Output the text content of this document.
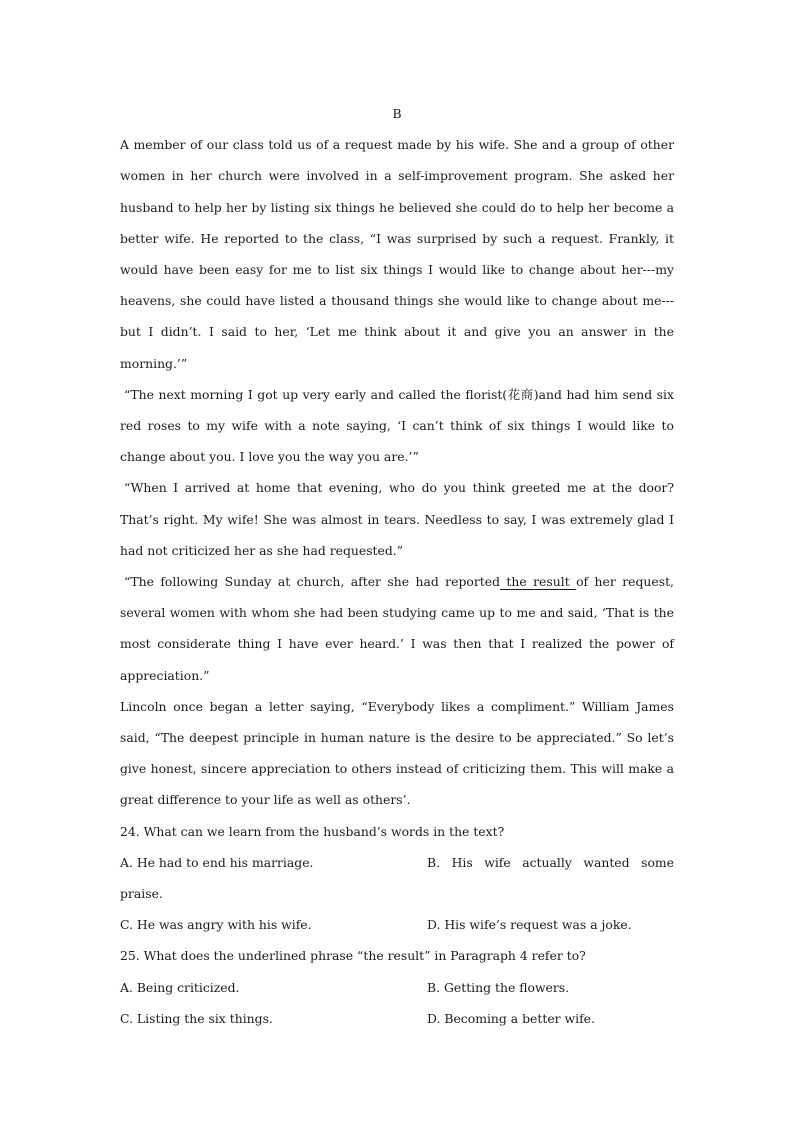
B

A member of our class told us of a request made by his wife. She and a group of other women in her church were involved in a self-improvement program. She asked her husband to help her by listing six things he believed she could do to help her become a better wife. He reported to the class, “I was surprised by such a request. Frankly, it would have been easy for me to list six things I would like to change about her---my heavens, she could have listed a thousand things she would like to change about me---but I didn’t. I said to her, ‘Let me think about it and give you an answer in the morning.’”

“The next morning I got up very early and called the florist(花商)and had him send six red roses to my wife with a note saying, ‘I can’t think of six things I would like to change about you. I love you the way you are.’”

“When I arrived at home that evening, who do you think greeted me at the door? That’s right. My wife! She was almost in tears. Needless to say, I was extremely glad I had not criticized her as she had requested.”

“The following Sunday at church, after she had reported the result of her request, several women with whom she had been studying came up to me and said, ‘That is the most considerate thing I have ever heard.’ I was then that I realized the power of appreciation.”

Lincoln once began a letter saying, “Everybody likes a compliment.” William James said, “The deepest principle in human nature is the desire to be appreciated.” So let’s give honest, sincere appreciation to others instead of criticizing them. This will make a great difference to your life as well as others’.

24. What can we learn from the husband’s words in the text?

A. He had to end his marriage.	B. His wife actually wanted some

praise.

C. He was angry with his wife.	D. His wife’s request was a joke.

25. What does the underlined phrase “the result” in Paragraph 4 refer to?

A. Being criticized.	B. Getting the flowers.
C. Listing the six things.	D. Becoming a better wife.
